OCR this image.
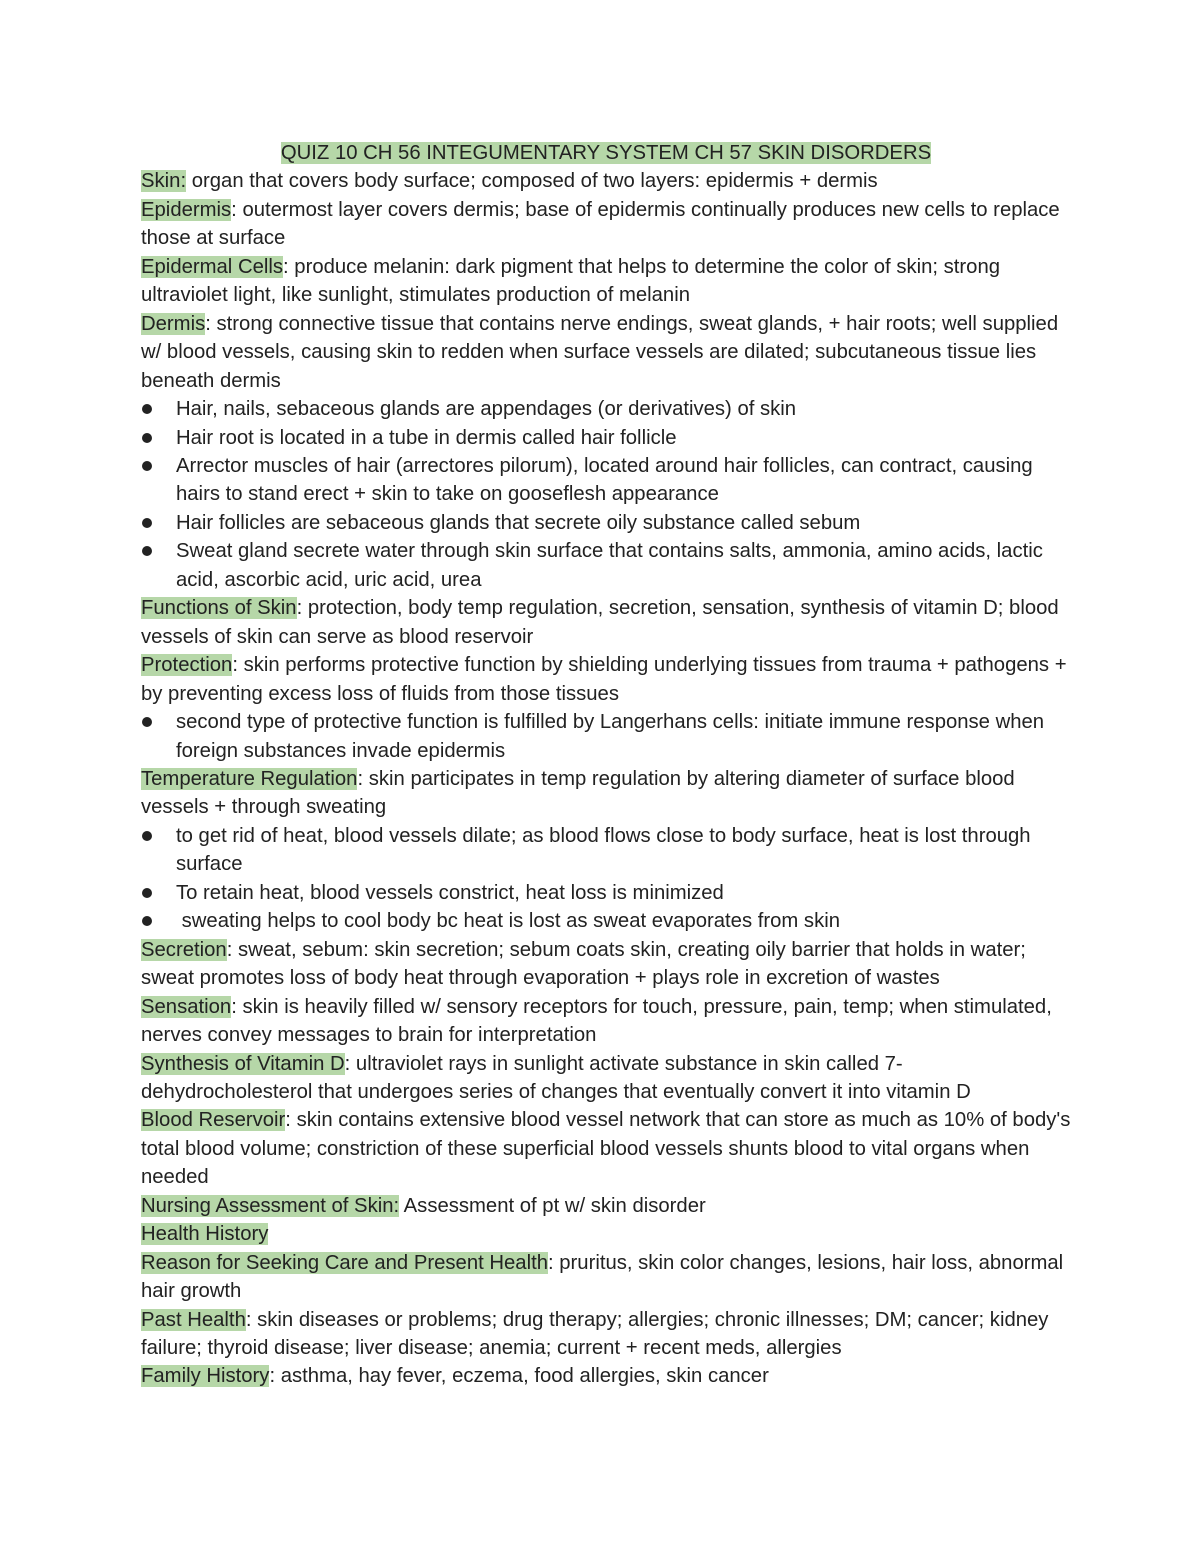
QUIZ 10 CH 56 INTEGUMENTARY SYSTEM CH 57 SKIN DISORDERS

Skin: organ that covers body surface; composed of two layers: epidermis + dermis

Epidermis: outermost layer covers dermis; base of epidermis continually produces new cells to replace those at surface

Epidermal Cells: produce melanin: dark pigment that helps to determine the color of skin; strong ultraviolet light, like sunlight, stimulates production of melanin

Dermis: strong connective tissue that contains nerve endings, sweat glands, + hair roots; well supplied w/ blood vessels, causing skin to redden when surface vessels are dilated; subcutaneous tissue lies beneath dermis

Hair, nails, sebaceous glands are appendages (or derivatives) of skin
Hair root is located in a tube in dermis called hair follicle
Arrector muscles of hair (arrectores pilorum), located around hair follicles, can contract, causing hairs to stand erect + skin to take on gooseflesh appearance
Hair follicles are sebaceous glands that secrete oily substance called sebum
Sweat gland secrete water through skin surface that contains salts, ammonia, amino acids, lactic acid, ascorbic acid, uric acid, urea

Functions of Skin: protection, body temp regulation, secretion, sensation, synthesis of vitamin D; blood vessels of skin can serve as blood reservoir

Protection: skin performs protective function by shielding underlying tissues from trauma + pathogens + by preventing excess loss of fluids from those tissues

second type of protective function is fulfilled by Langerhans cells: initiate immune response when foreign substances invade epidermis

Temperature Regulation: skin participates in temp regulation by altering diameter of surface blood vessels + through sweating

to get rid of heat, blood vessels dilate; as blood flows close to body surface, heat is lost through surface
To retain heat, blood vessels constrict, heat loss is minimized
sweating helps to cool body bc heat is lost as sweat evaporates from skin

Secretion: sweat, sebum: skin secretion; sebum coats skin, creating oily barrier that holds in water; sweat promotes loss of body heat through evaporation + plays role in excretion of wastes

Sensation: skin is heavily filled w/ sensory receptors for touch, pressure, pain, temp; when stimulated, nerves convey messages to brain for interpretation

Synthesis of Vitamin D: ultraviolet rays in sunlight activate substance in skin called 7-dehydrocholesterol that undergoes series of changes that eventually convert it into vitamin D

Blood Reservoir: skin contains extensive blood vessel network that can store as much as 10% of body's total blood volume; constriction of these superficial blood vessels shunts blood to vital organs when needed

Nursing Assessment of Skin: Assessment of pt w/ skin disorder

Health History

Reason for Seeking Care and Present Health: pruritus, skin color changes, lesions, hair loss, abnormal hair growth

Past Health: skin diseases or problems; drug therapy; allergies; chronic illnesses; DM; cancer; kidney failure; thyroid disease; liver disease; anemia; current + recent meds, allergies

Family History: asthma, hay fever, eczema, food allergies, skin cancer
